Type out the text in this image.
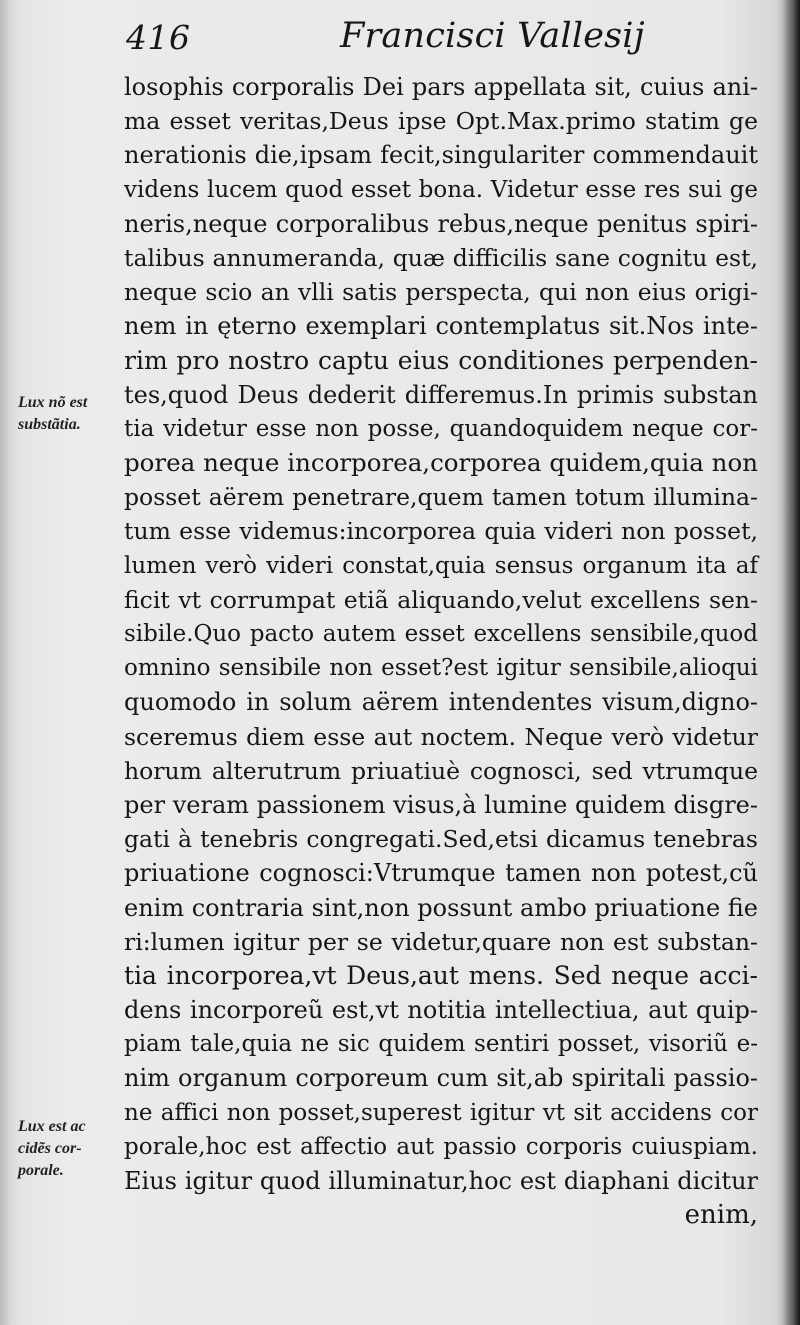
416	Francisci Vallesij
Lux nõ est
substãtia.
Lux est ac
cidẽs cor-
porale.
losophis corporalis Dei pars appellata sit, cuius ani-
ma esset veritas,Deus ipse Opt.Max.primo statim ge
nerationis die,ipsam fecit,singulariter commendauit
videns lucem quod esset bona. Videtur esse res sui ge
neris,neque corporalibus rebus,neque penitus spiri-
talibus annumeranda, quæ difficilis sane cognitu est,
neque scio an vlli satis perspecta, qui non eius origi-
nem in ęterno exemplari contemplatus sit.Nos inte-
rim pro nostro captu eius conditiones perpenden-
tes,quod Deus dederit differemus.In primis substan
tia videtur esse non posse, quandoquidem neque cor-
porea neque incorporea,corporea quidem,quia non
posset aërem penetrare,quem tamen totum illumina-
tum esse videmus:incorporea quia videri non posset,
lumen verò videri constat,quia sensus organum ita af
ficit vt corrumpat etiã aliquando,velut excellens sen-
sibile.Quo pacto autem esset excellens sensibile,quod
omnino sensibile non esset?est igitur sensibile,alioqui
quomodo in solum aërem intendentes visum,digno-
sceremus diem esse aut noctem. Neque verò videtur
horum alterutrum priuatiuè cognosci, sed vtrumque
per veram passionem visus,à lumine quidem disgre-
gati à tenebris congregati.Sed,etsi dicamus tenebras
priuatione cognosci:Vtrumque tamen non potest,cũ
enim contraria sint,non possunt ambo priuatione fie
ri:lumen igitur per se videtur,quare non est substan-
tia incorporea,vt Deus,aut mens. Sed neque acci-
dens incorporeũ est,vt notitia intellectiua, aut quip-
piam tale,quia ne sic quidem sentiri posset, visoriũ e-
nim organum corporeum cum sit,ab spiritali passio-
ne affici non posset,superest igitur vt sit accidens cor
porale,hoc est affectio aut passio corporis cuiuspiam.
Eius igitur quod illuminatur,hoc est diaphani dicitur
enim,
